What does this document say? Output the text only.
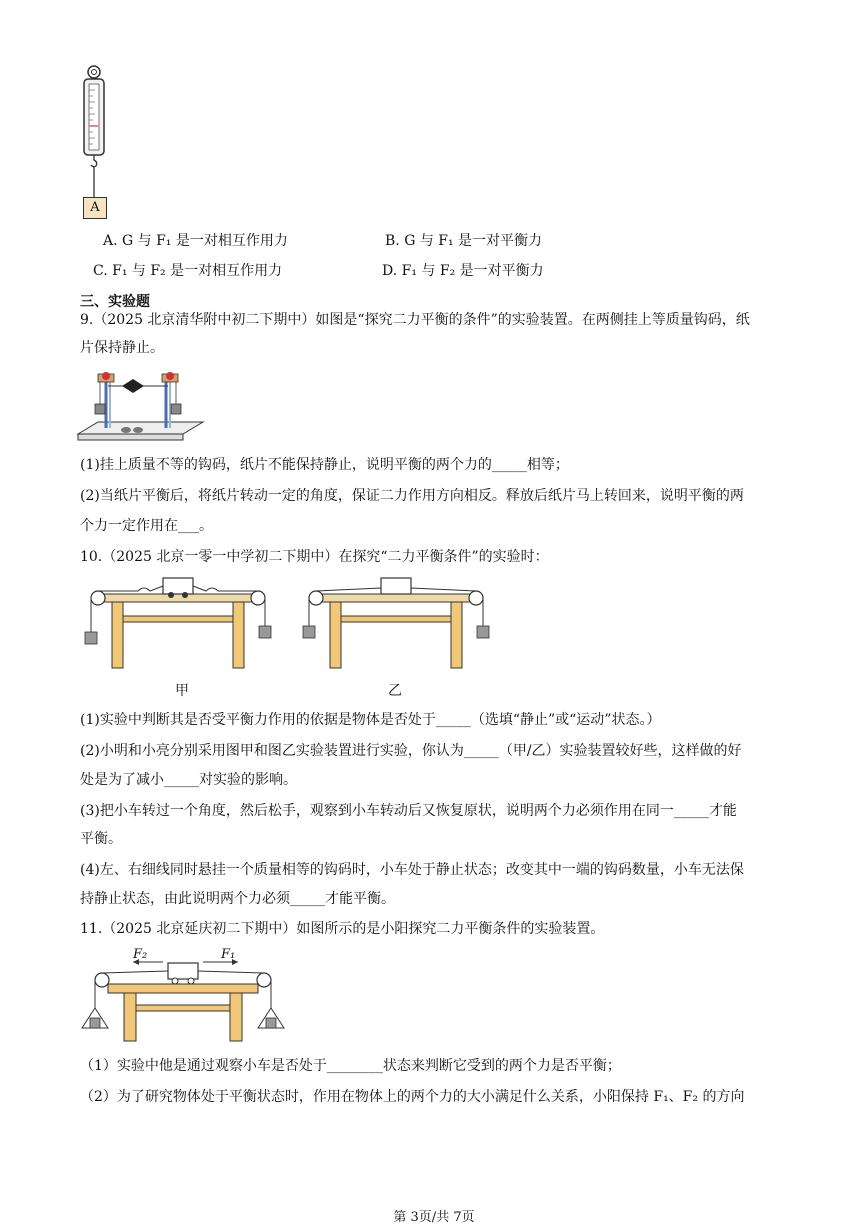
A
A. G 与 F₁ 是一对相互作用力	B. G 与 F₁ 是一对平衡力
C. F₁ 与 F₂ 是一对相互作用力	D. F₁ 与 F₂ 是一对平衡力
三、实验题
9.（2025 北京清华附中初二下期中）如图是“探究二力平衡的条件”的实验装置。在两侧挂上等质量钩码，纸
片保持静止。
(1)挂上质量不等的钩码，纸片不能保持静止，说明平衡的两个力的_____相等；
(2)当纸片平衡后，将纸片转动一定的角度，保证二力作用方向相反。释放后纸片马上转回来，说明平衡的两
个力一定作用在___。
10.（2025 北京一零一中学初二下期中）在探究“二力平衡条件”的实验时：
甲	乙
(1)实验中判断其是否受平衡力作用的依据是物体是否处于_____（选填“静止”或“运动”状态。）
(2)小明和小亮分别采用图甲和图乙实验装置进行实验，你认为_____（甲/乙）实验装置较好些，这样做的好
处是为了减小_____对实验的影响。
(3)把小车转过一个角度，然后松手，观察到小车转动后又恢复原状，说明两个力必须作用在同一_____才能
平衡。
(4)左、右细线同时悬挂一个质量相等的钩码时，小车处于静止状态；改变其中一端的钩码数量，小车无法保
持静止状态，由此说明两个力必须_____才能平衡。
11.（2025 北京延庆初二下期中）如图所示的是小阳探究二力平衡条件的实验装置。
F₂	F₁
（1）实验中他是通过观察小车是否处于________状态来判断它受到的两个力是否平衡；
（2）为了研究物体处于平衡状态时，作用在物体上的两个力的大小满足什么关系，小阳保持 F₁、F₂ 的方向
第 3页/共 7页
